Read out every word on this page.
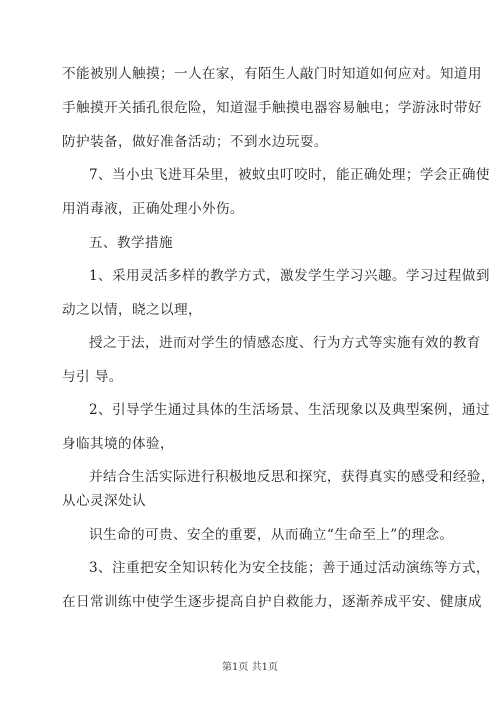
不能被别人触摸；一人在家，有陌生人敲门时知道如何应对。知道用
手触摸开关插孔很危险，知道湿手触摸电器容易触电；学游泳时带好
防护装备，做好准备活动；不到水边玩耍。
7、当小虫飞进耳朵里，被蚊虫叮咬时，能正确处理；学会正确使
用消毒液，正确处理小外伤。
五、教学措施
1、采用灵活多样的教学方式，激发学生学习兴趣。学习过程做到
动之以情，晓之以理，
授之于法，进而对学生的情感态度、行为方式等实施有效的教育
与引 导。
2、引导学生通过具体的生活场景、生活现象以及典型案例，通过
身临其境的体验，
并结合生活实际进行积极地反思和探究，获得真实的感受和经验，
从心灵深处认
识生命的可贵、安全的重要，从而确立“生命至上”的理念。
3、注重把安全知识转化为安全技能；善于通过活动演练等方式，
在日常训练中使学生逐步提高自护自救能力，逐渐养成平安、健康成
第1页 共1页
